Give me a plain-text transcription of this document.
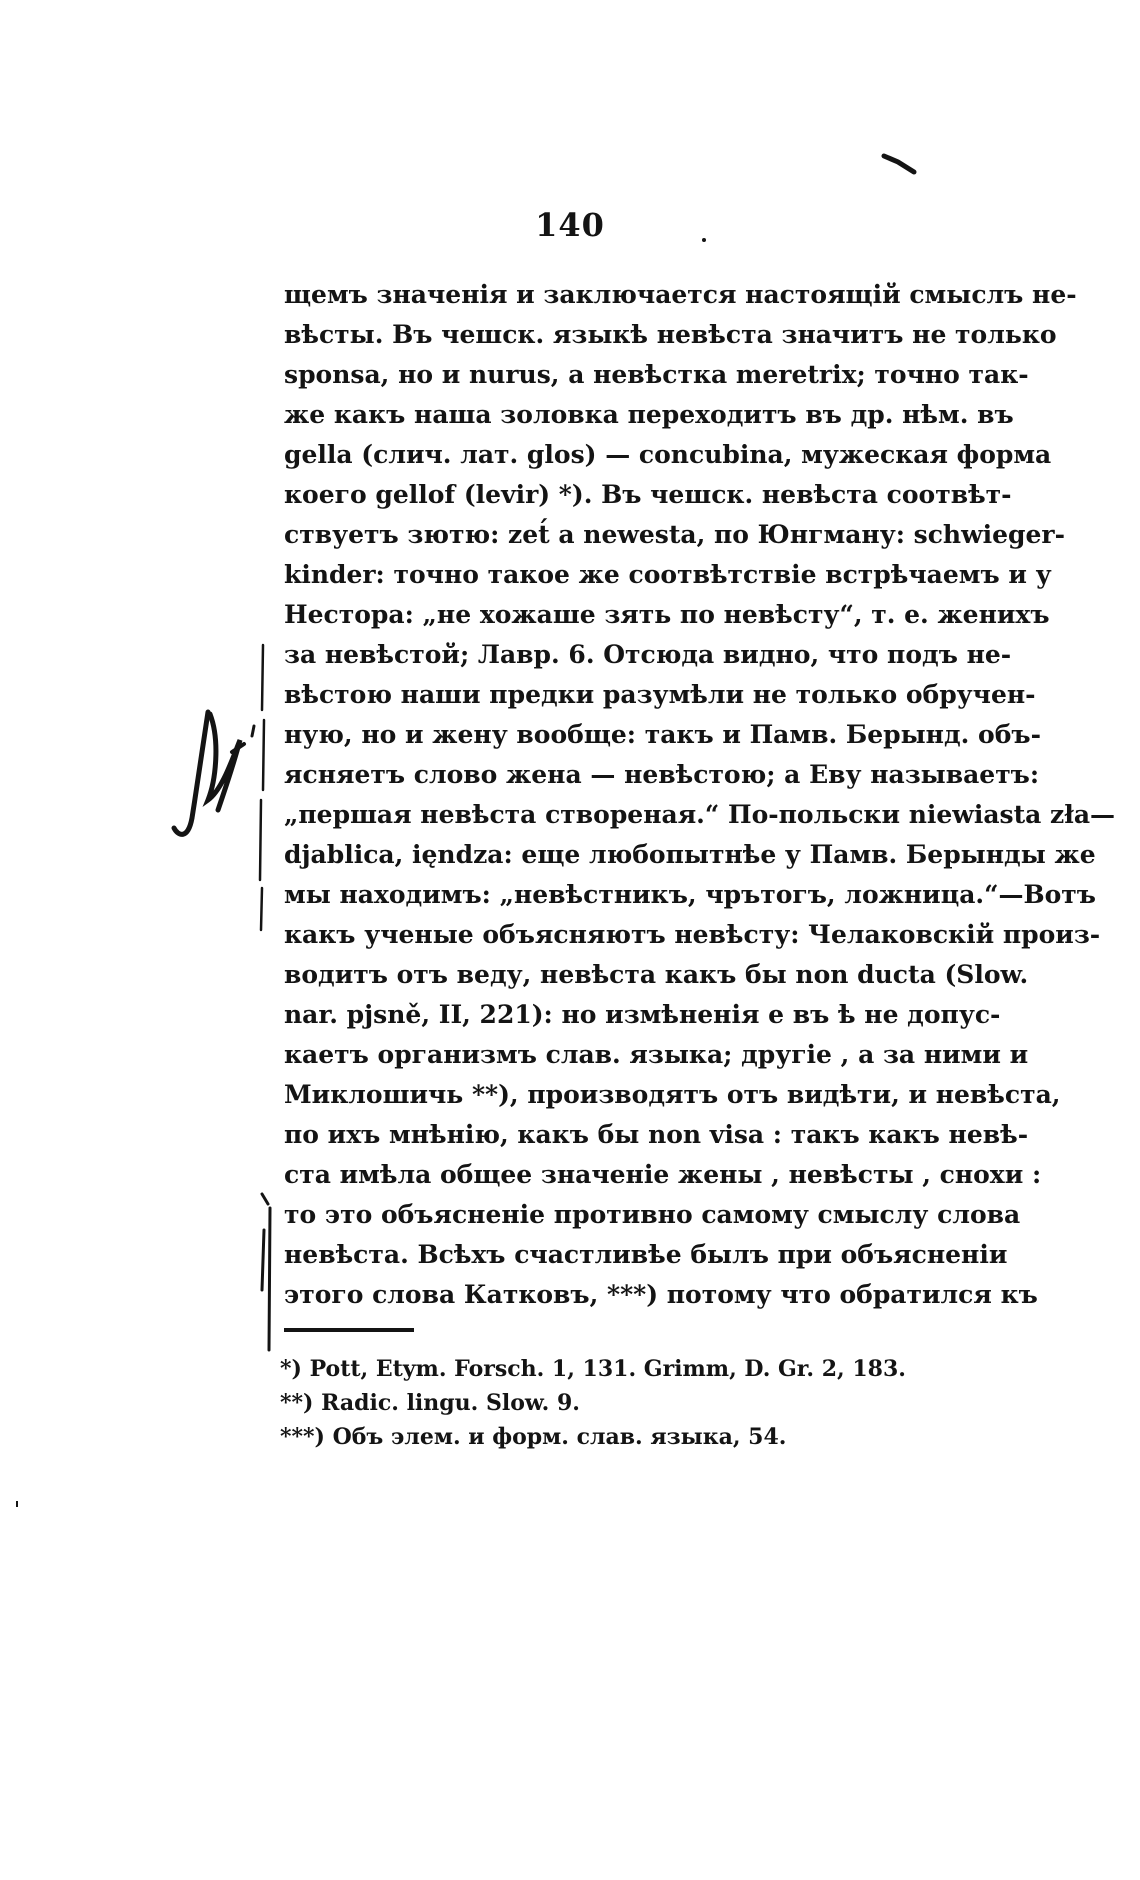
140
щемъ значенія и заключается настоящій смыслъ не-
вѣсты. Въ чешск. языкѣ невѣста значитъ не только
sponsa, но и nurus, а невѣстка meretrix; точно так-
же какъ наша золовка переходитъ въ др. нѣм. въ
gella (слич. лат. glos) — concubina, мужеская форма
коего gellof (levir) *). Въ чешск. невѣста соотвѣт-
ствуетъ зютю: zet́ a newesta, по Юнгману: schwieger-
kinder: точно такое же соотвѣтствіе встрѣчаемъ и у
Нестора: „не хожаше зять по невѣсту“, т. е. женихъ
за невѣстой; Лавр. 6. Отсюда видно, что подъ не-
вѣстою наши предки разумѣли не только обручен-
ную, но и жену вообще: такъ и Памв. Берынд. объ-
ясняетъ слово жена — невѣстою; а Еву называетъ:
„першая невѣста створеная.“ По-польски niewiasta zła—
djablica, ięndza: еще любопытнѣе у Памв. Берынды же
мы находимъ: „невѣстникъ, чрътогъ, ложница.“—Вотъ
какъ ученые объясняютъ невѣсту: Челаковскій произ-
водитъ отъ веду, невѣста какъ бы non ducta (Slow.
nar. pjsně, II, 221): но измѣненія е въ ѣ не допус-
каетъ организмъ слав. языка; другіе , а за ними и
Миклошичь **), производятъ отъ видѣти, и невѣста,
по ихъ мнѣнію, какъ бы non visa : такъ какъ невѣ-
ста имѣла общее значеніе жены , невѣсты , снохи :
то это объясненіе противно самому смыслу слова
невѣста. Всѣхъ счастливѣе былъ при объясненіи
этого слова Катковъ, ***) потому что обратился къ
*) Pott, Etym. Forsch. 1, 131. Grimm, D. Gr. 2, 183.
**) Radic. lingu. Slow. 9.
***) Объ элем. и форм. слав. языка, 54.
